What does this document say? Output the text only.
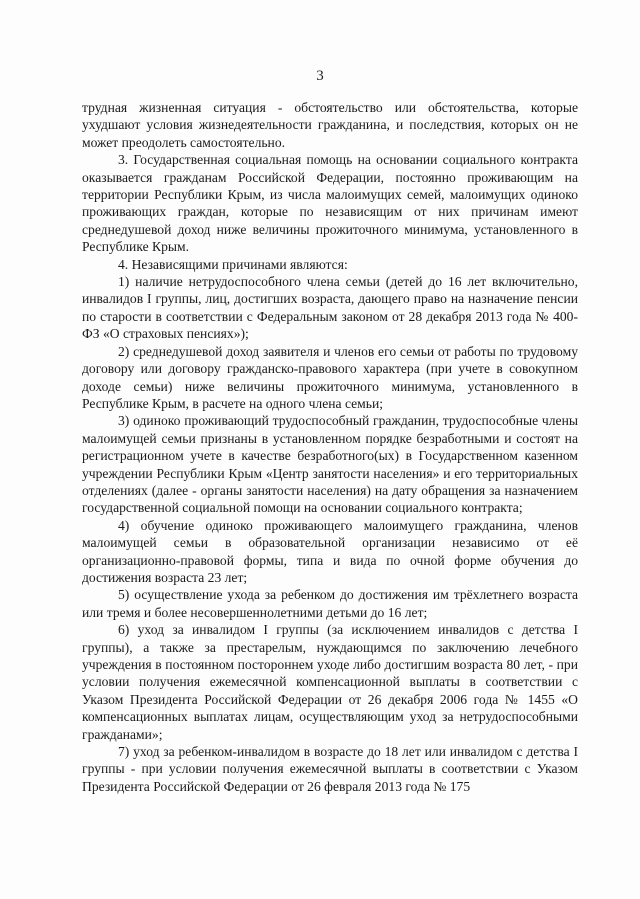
3

трудная жизненная ситуация - обстоятельство или обстоятельства, которые ухудшают условия жизнедеятельности гражданина, и последствия, которых он не может преодолеть самостоятельно.

3. Государственная социальная помощь на основании социального контракта оказывается гражданам Российской Федерации, постоянно проживающим на территории Республики Крым, из числа малоимущих семей, малоимущих одиноко проживающих граждан, которые по независящим от них причинам имеют среднедушевой доход ниже величины прожиточного минимума, установленного в Республике Крым.

4. Независящими причинами являются:

1) наличие нетрудоспособного члена семьи (детей до 16 лет включительно, инвалидов I группы, лиц, достигших возраста, дающего право на назначение пенсии по старости в соответствии с Федеральным законом от 28 декабря 2013 года № 400-ФЗ «О страховых пенсиях»);

2) среднедушевой доход заявителя и членов его семьи от работы по трудовому договору или договору гражданско-правового характера (при учете в совокупном доходе семьи) ниже величины прожиточного минимума, установленного в Республике Крым, в расчете на одного члена семьи;

3) одиноко проживающий трудоспособный гражданин, трудоспособные члены малоимущей семьи признаны в установленном порядке безработными и состоят на регистрационном учете в качестве безработного(ых) в Государственном казенном учреждении Республики Крым «Центр занятости населения» и его территориальных отделениях (далее - органы занятости населения) на дату обращения за назначением государственной социальной помощи на основании социального контракта;

4) обучение одиноко проживающего малоимущего гражданина, членов малоимущей семьи в образовательной организации независимо от её организационно-правовой формы, типа и вида по очной форме обучения до достижения возраста 23 лет;

5) осуществление ухода за ребенком до достижения им трёхлетнего возраста или тремя и более несовершеннолетними детьми до 16 лет;

6) уход за инвалидом I группы (за исключением инвалидов с детства I группы), а также за престарелым, нуждающимся по заключению лечебного учреждения в постоянном постороннем уходе либо достигшим возраста 80 лет, - при условии получения ежемесячной компенсационной выплаты в соответствии с Указом Президента Российской Федерации от 26 декабря 2006 года № 1455 «О компенсационных выплатах лицам, осуществляющим уход за нетрудоспособными гражданами»;

7) уход за ребенком-инвалидом в возрасте до 18 лет или инвалидом с детства I группы - при условии получения ежемесячной выплаты в соответствии с Указом Президента Российской Федерации от 26 февраля 2013 года № 175
